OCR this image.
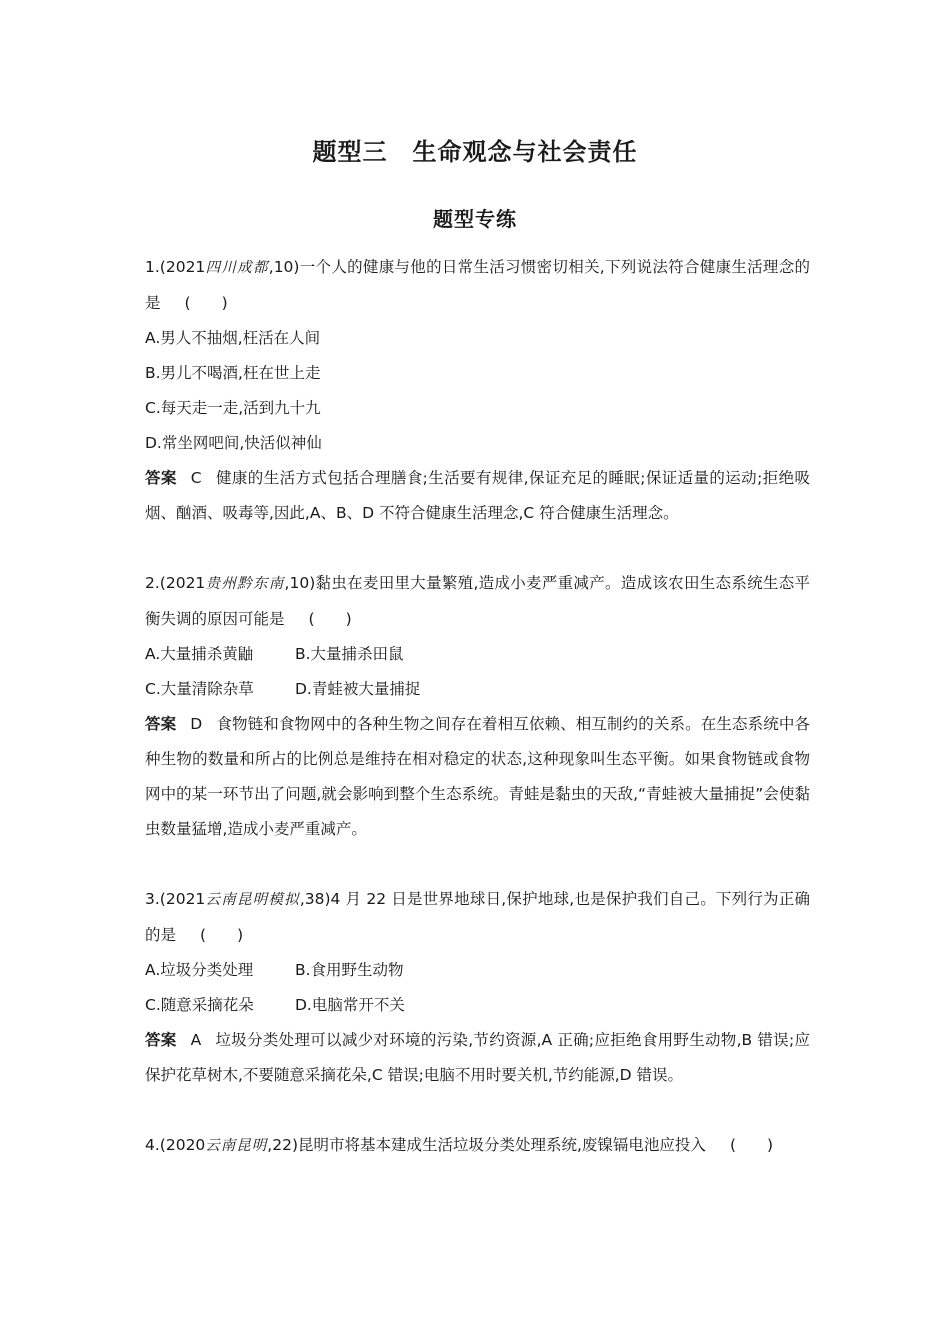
题型三　生命观念与社会责任
题型专练

1.(2021四川成都,10)一个人的健康与他的日常生活习惯密切相关,下列说法符合健康生活理念的是 (　　)

A.男人不抽烟,枉活在人间

B.男儿不喝酒,枉在世上走

C.每天走一走,活到九十九

D.常坐网吧间,快活似神仙

答案 C 健康的生活方式包括合理膳食;生活要有规律,保证充足的睡眠;保证适量的运动;拒绝吸烟、酗酒、吸毒等,因此,A、B、D 不符合健康生活理念,C 符合健康生活理念。

2.(2021贵州黔东南,10)黏虫在麦田里大量繁殖,造成小麦严重减产。造成该农田生态系统生态平衡失调的原因可能是 (　　)

A.大量捕杀黄鼬	B.大量捕杀田鼠

C.大量清除杂草	D.青蛙被大量捕捉

答案 D 食物链和食物网中的各种生物之间存在着相互依赖、相互制约的关系。在生态系统中各种生物的数量和所占的比例总是维持在相对稳定的状态,这种现象叫生态平衡。如果食物链或食物网中的某一环节出了问题,就会影响到整个生态系统。青蛙是黏虫的天敌,“青蛙被大量捕捉”会使黏虫数量猛增,造成小麦严重减产。

3.(2021云南昆明模拟,38)4 月 22 日是世界地球日,保护地球,也是保护我们自己。下列行为正确的是 (　　)

A.垃圾分类处理	B.食用野生动物

C.随意采摘花朵	D.电脑常开不关

答案 A 垃圾分类处理可以减少对环境的污染,节约资源,A 正确;应拒绝食用野生动物,B 错误;应保护花草树木,不要随意采摘花朵,C 错误;电脑不用时要关机,节约能源,D 错误。

4.(2020云南昆明,22)昆明市将基本建成生活垃圾分类处理系统,废镍镉电池应投入 (　　)
